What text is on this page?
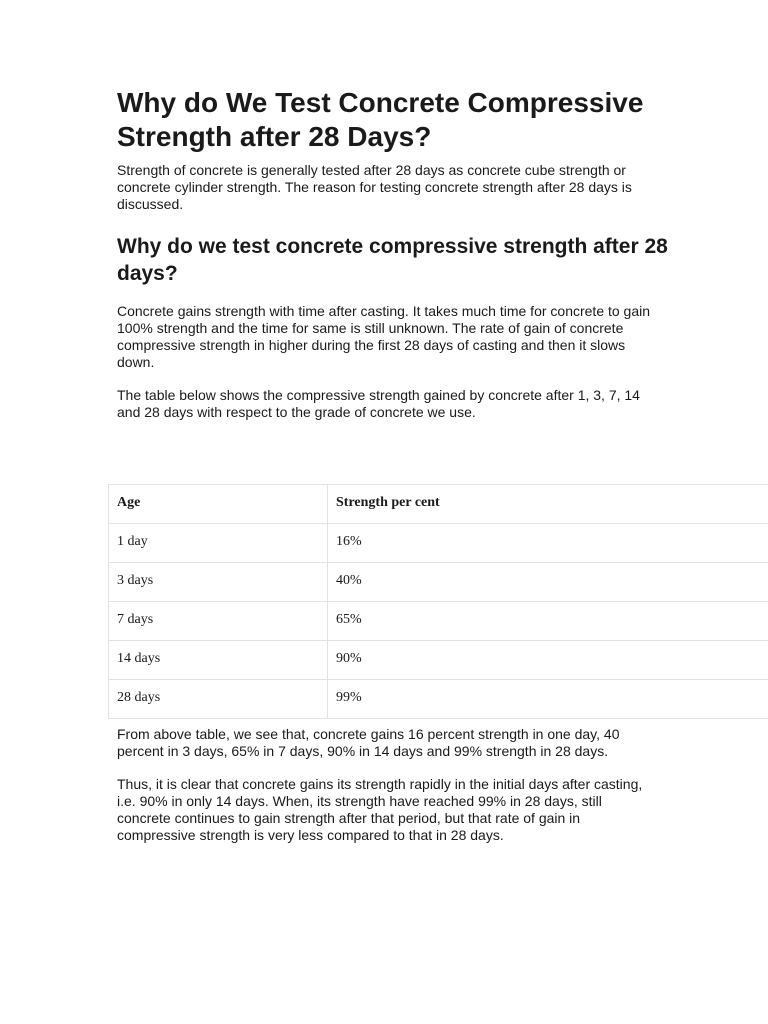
Why do We Test Concrete Compressive Strength after 28 Days?

Strength of concrete is generally tested after 28 days as concrete cube strength or concrete cylinder strength. The reason for testing concrete strength after 28 days is discussed.

Why do we test concrete compressive strength after 28 days?

Concrete gains strength with time after casting. It takes much time for concrete to gain 100% strength and the time for same is still unknown. The rate of gain of concrete compressive strength in higher during the first 28 days of casting and then it slows down.

The table below shows the compressive strength gained by concrete after 1, 3, 7, 14 and 28 days with respect to the grade of concrete we use.

Age	Strength per cent
1 day	16%
3 days	40%
7 days	65%
14 days	90%
28 days	99%

From above table, we see that, concrete gains 16 percent strength in one day, 40 percent in 3 days, 65% in 7 days, 90% in 14 days and 99% strength in 28 days.

Thus, it is clear that concrete gains its strength rapidly in the initial days after casting, i.e. 90% in only 14 days. When, its strength have reached 99% in 28 days, still concrete continues to gain strength after that period, but that rate of gain in compressive strength is very less compared to that in 28 days.
